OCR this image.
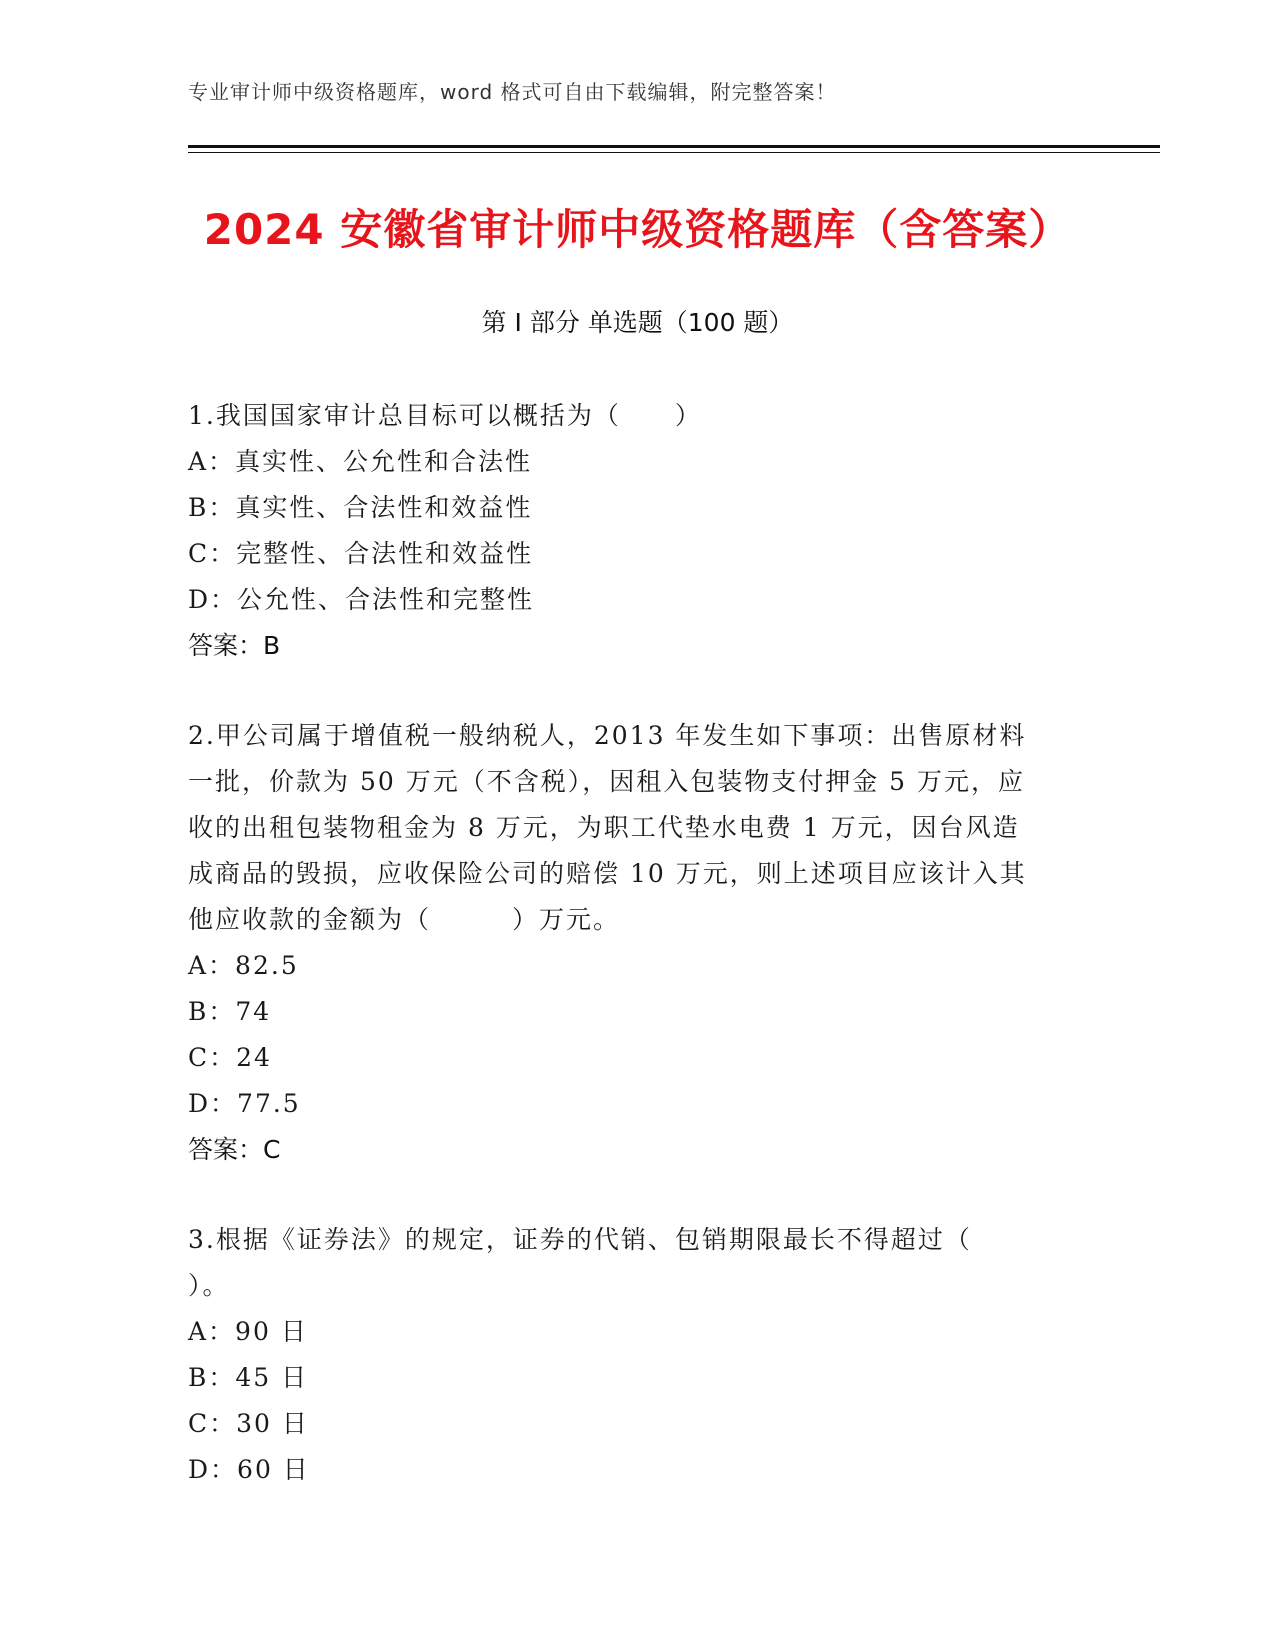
专业审计师中级资格题库，word 格式可自由下载编辑，附完整答案！
2024 安徽省审计师中级资格题库（含答案）
第 I 部分 单选题（100 题）

1.我国国家审计总目标可以概括为（　　）

A：真实性、公允性和合法性

B：真实性、合法性和效益性

C：完整性、合法性和效益性

D：公允性、合法性和完整性

答案：B

2.甲公司属于增值税一般纳税人，2013 年发生如下事项：出售原材料

一批，价款为 50 万元（不含税），因租入包装物支付押金 5 万元，应

收的出租包装物租金为 8 万元，为职工代垫水电费 1 万元，因台风造

成商品的毁损，应收保险公司的赔偿 10 万元，则上述项目应该计入其

他应收款的金额为（　　　）万元。

A：82.5

B：74

C：24

D：77.5

答案：C

3.根据《证券法》的规定，证券的代销、包销期限最长不得超过（

）。

A：90 日

B：45 日

C：30 日

D：60 日
